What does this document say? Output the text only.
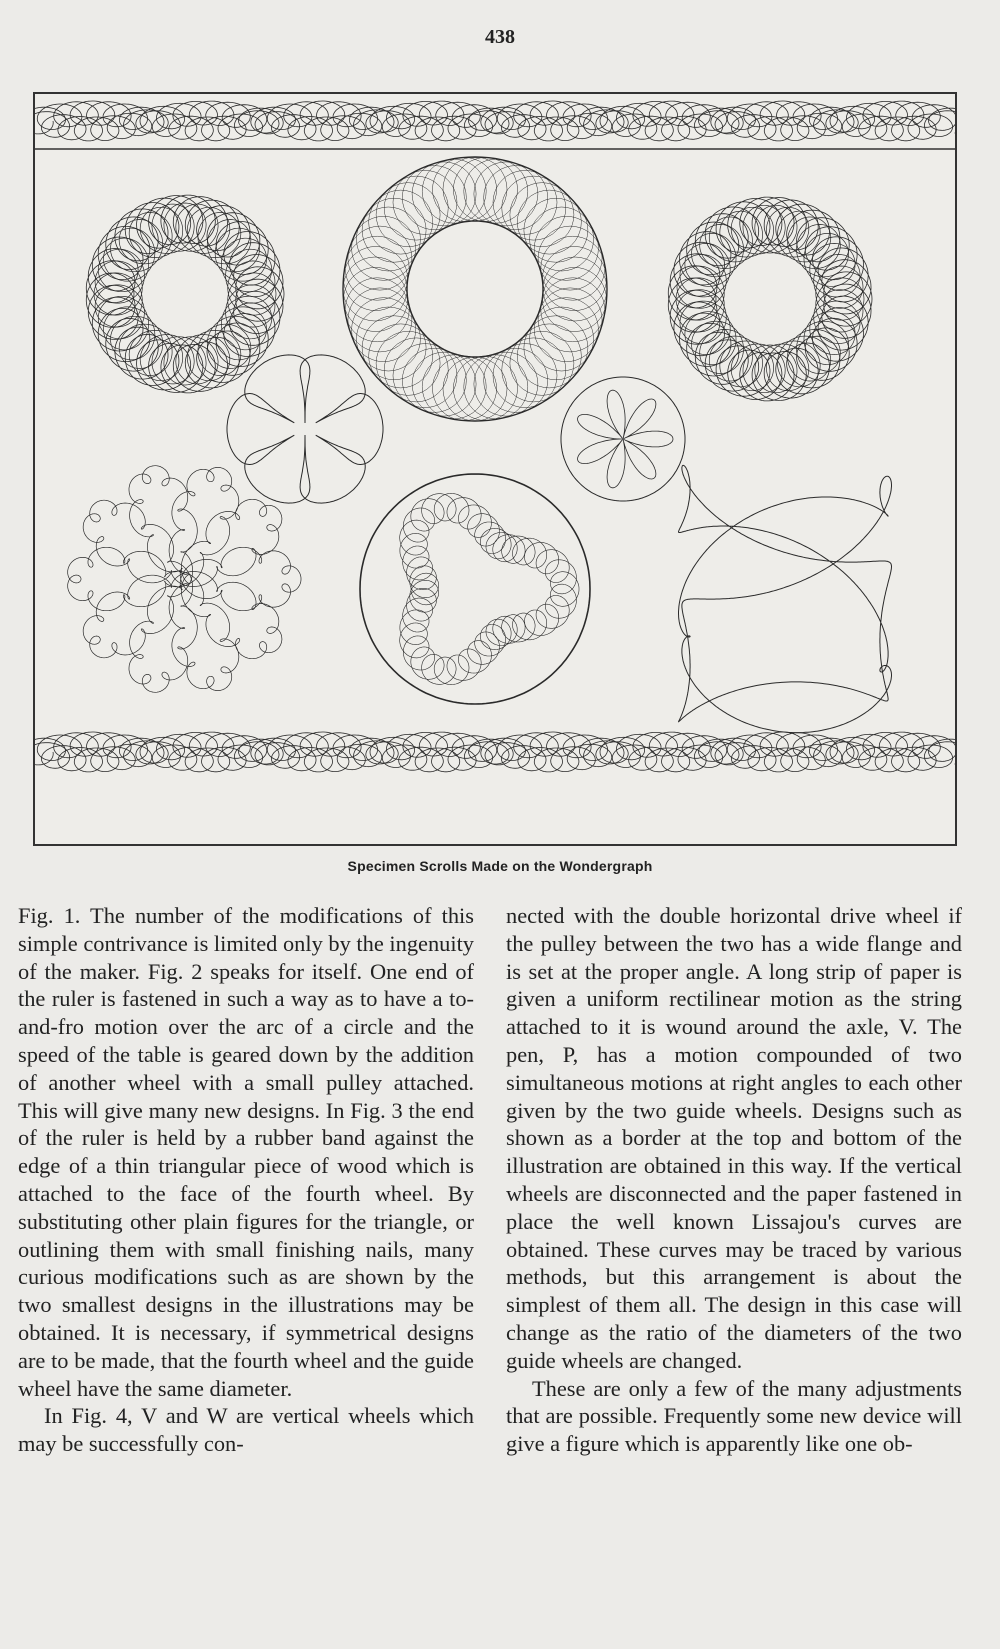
438
Specimen Scrolls Made on the Wondergraph

Fig. 1. The number of the modifications of this simple contrivance is limited only by the ingenuity of the maker. Fig. 2 speaks for itself. One end of the ruler is fastened in such a way as to have a to-and-fro motion over the arc of a circle and the speed of the table is geared down by the addition of another wheel with a small pulley attached. This will give many new designs. In Fig. 3 the end of the ruler is held by a rubber band against the edge of a thin triangular piece of wood which is attached to the face of the fourth wheel. By substituting other plain figures for the triangle, or outlining them with small finishing nails, many curious modifications such as are shown by the two smallest designs in the illustrations may be obtained. It is necessary, if symmetrical designs are to be made, that the fourth wheel and the guide wheel have the same diameter.

In Fig. 4, V and W are vertical wheels which may be successfully con-

nected with the double horizontal drive wheel if the pulley between the two has a wide flange and is set at the proper angle. A long strip of paper is given a uniform rectilinear motion as the string attached to it is wound around the axle, V. The pen, P, has a motion compounded of two simultaneous motions at right angles to each other given by the two guide wheels. Designs such as shown as a border at the top and bottom of the illustration are obtained in this way. If the vertical wheels are disconnected and the paper fastened in place the well known Lissajou's curves are obtained. These curves may be traced by various methods, but this arrangement is about the simplest of them all. The design in this case will change as the ratio of the diameters of the two guide wheels are changed.

These are only a few of the many adjustments that are possible. Frequently some new device will give a figure which is apparently like one ob-
